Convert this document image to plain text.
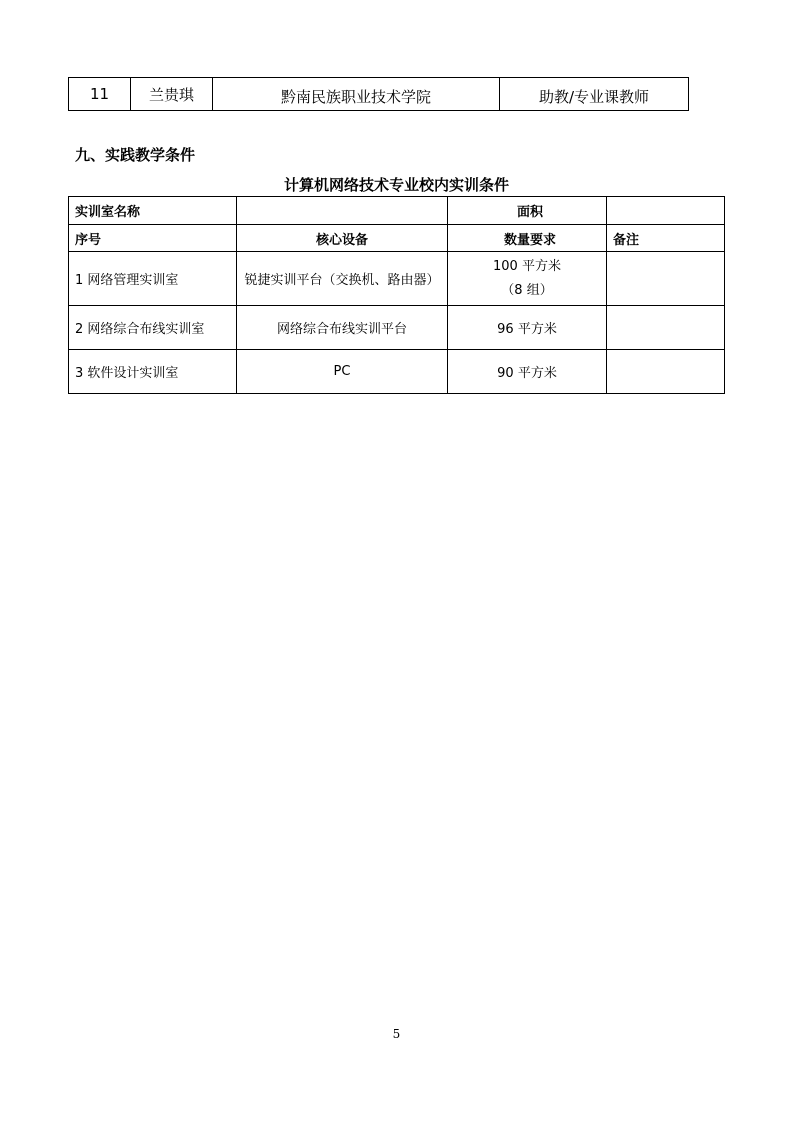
11	兰贵琪	黔南民族职业技术学院	助教/专业课教师
九、实践教学条件
计算机网络技术专业校内实训条件
实训室名称		面积	
序号	核心设备	数量要求	备注
1 网络管理实训室	锐捷实训平台（交换机、路由器）	100 平方米
（8 组）	

2 网络综合布线实训室	网络综合布线实训平台	96 平方米	
3 软件设计实训室	PC	90 平方米	
5
